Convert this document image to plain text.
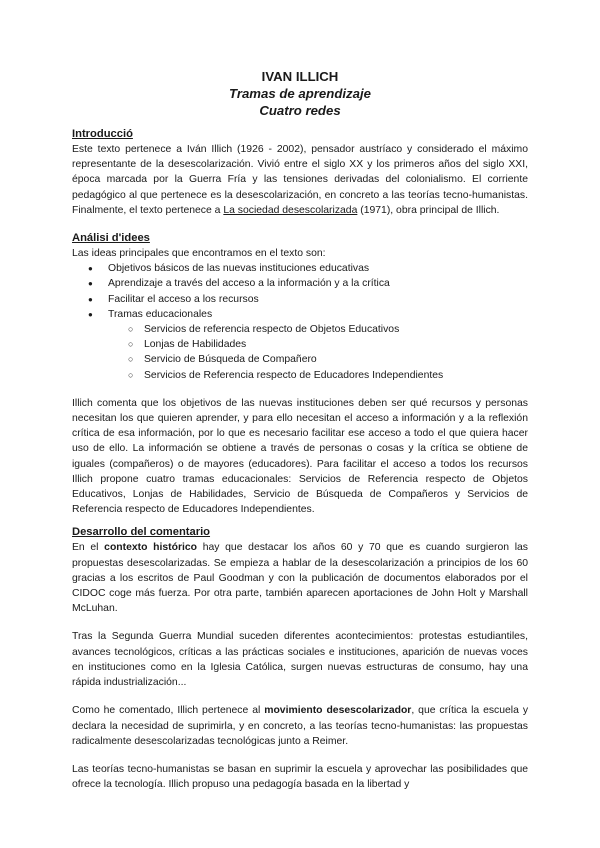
IVAN ILLICH
Tramas de aprendizaje
Cuatro redes
Introducció

Este texto pertenece a Iván Illich (1926 - 2002), pensador austríaco y considerado el máximo representante de la desescolarización. Vivió entre el siglo XX y los primeros años del siglo XXI, época marcada por la Guerra Fría y las tensiones derivadas del colonialismo. El corriente pedagógico al que pertenece es la desescolarización, en concreto a las teorías tecno-humanistas. Finalmente, el texto pertenece a La sociedad desescolarizada (1971), obra principal de Illich.

Análisi d'idees

Las ideas principales que encontramos en el texto son:

● Objetivos básicos de las nuevas instituciones educativas
● Aprendizaje a través del acceso a la información y a la crítica
● Facilitar el acceso a los recursos
● Tramas educacionales
○ Servicios de referencia respecto de Objetos Educativos
○ Lonjas de Habilidades
○ Servicio de Búsqueda de Compañero
○ Servicios de Referencia respecto de Educadores Independientes

Illich comenta que los objetivos de las nuevas instituciones deben ser qué recursos y personas necesitan los que quieren aprender, y para ello necesitan el acceso a información y a la reflexión crítica de esa información, por lo que es necesario facilitar ese acceso a todo el que quiera hacer uso de ello. La información se obtiene a través de personas o cosas y la crítica se obtiene de iguales (compañeros) o de mayores (educadores). Para facilitar el acceso a todos los recursos Illich propone cuatro tramas educacionales: Servicios de Referencia respecto de Objetos Educativos, Lonjas de Habilidades, Servicio de Búsqueda de Compañeros y Servicios de Referencia respecto de Educadores Independientes.

Desarrollo del comentario

En el contexto histórico hay que destacar los años 60 y 70 que es cuando surgieron las propuestas desescolarizadas. Se empieza a hablar de la desescolarización a principios de los 60 gracias a los escritos de Paul Goodman y con la publicación de documentos elaborados por el CIDOC coge más fuerza. Por otra parte, también aparecen aportaciones de John Holt y Marshall McLuhan.

Tras la Segunda Guerra Mundial suceden diferentes acontecimientos: protestas estudiantiles, avances tecnológicos, críticas a las prácticas sociales e instituciones, aparición de nuevas voces en instituciones como en la Iglesia Católica, surgen nuevas estructuras de consumo, hay una rápida industrialización...

Como he comentado, Illich pertenece al movimiento desescolarizador, que crítica la escuela y declara la necesidad de suprimirla, y en concreto, a las teorías tecno-humanistas: las propuestas radicalmente desescolarizadas tecnológicas junto a Reimer.

Las teorías tecno-humanistas se basan en suprimir la escuela y aprovechar las posibilidades que ofrece la tecnología. Illich propuso una pedagogía basada en la libertad y
